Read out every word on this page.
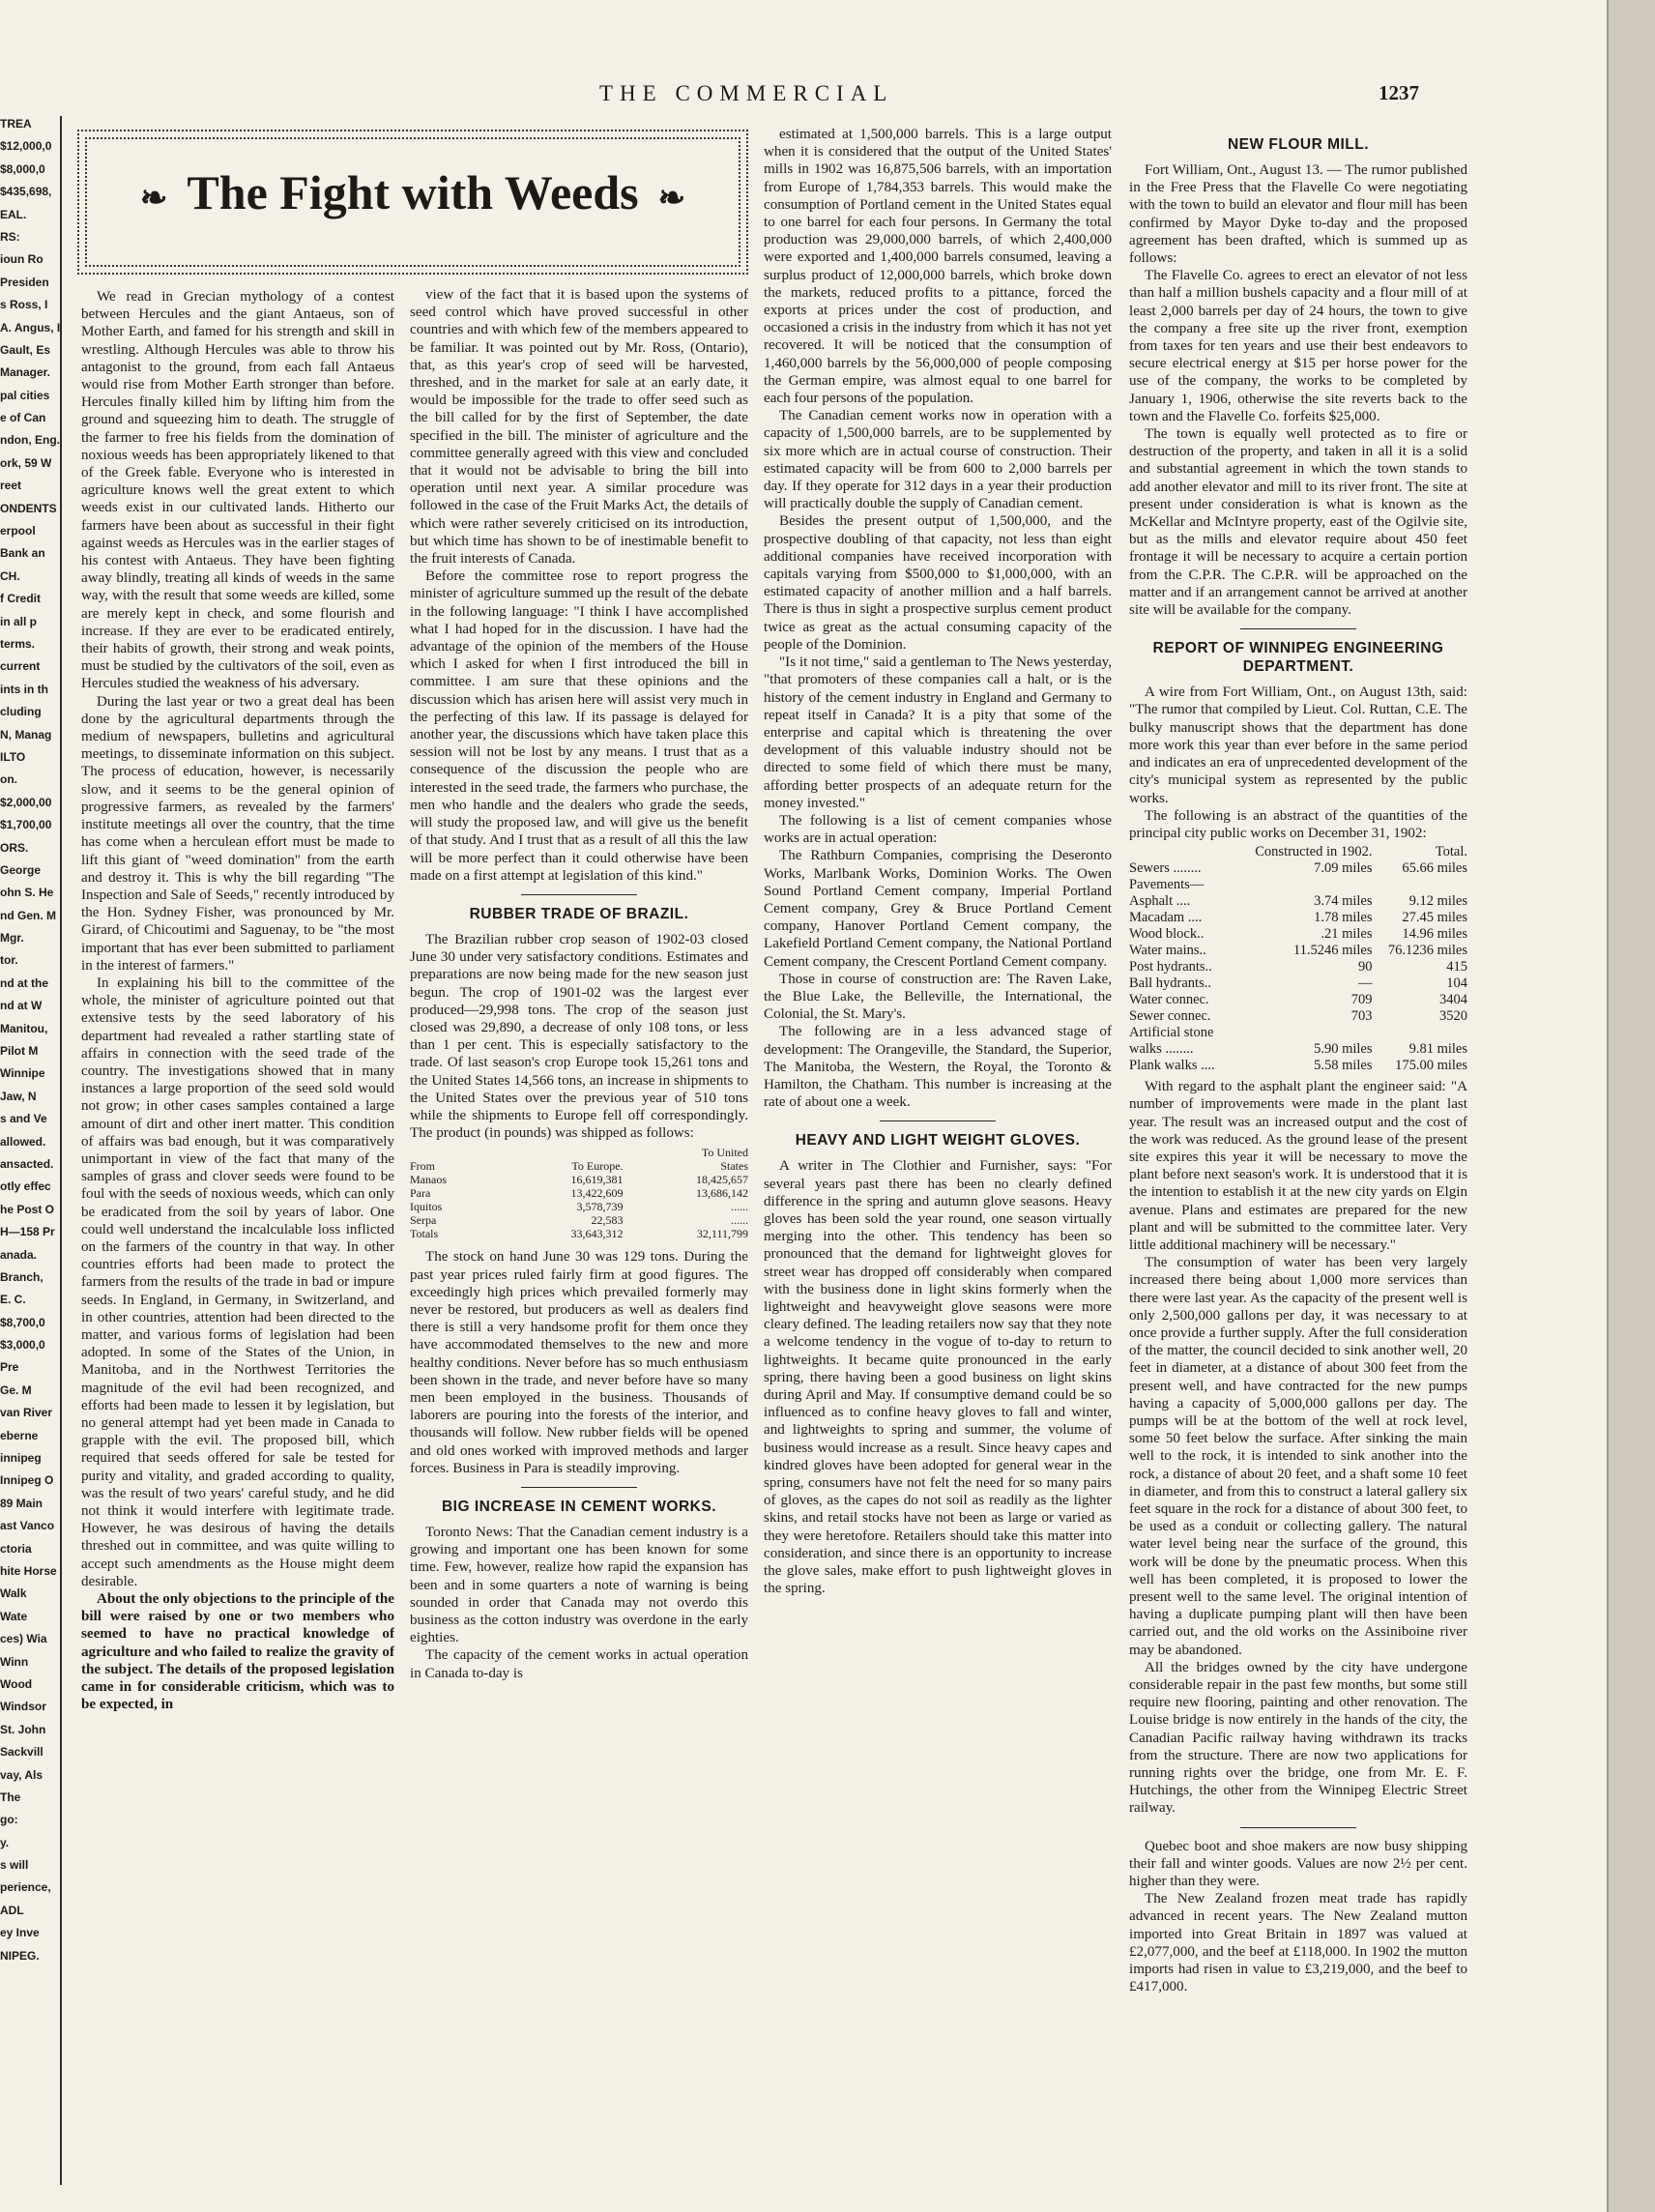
TREA
$12,000,0
$8,000,0
$435,698,
EAL.
RS:
ioun Ro
Presiden
s Ross, I
A. Angus, I
Gault, Es
Manager.
pal cities
e of Can
ndon, Eng.
ork, 59 W
reet
ONDENTS
erpool
Bank an
CH.
f Credit
in all p
terms.
current
ints in th
cluding
N, Manag
ILTO
on.
$2,000,00
$1,700,00
ORS.
George
ohn S. He
nd Gen. M
Mgr.
tor.
nd at the
nd at W
Manitou,
Pilot M
Winnipe
Jaw, N
s and Ve
allowed.
ansacted.
otly effec
he Post O
H—158 Pr
anada.
Branch,
E. C.
$8,700,0
$3,000,0
Pre
Ge. M
van River
eberne
innipeg
Innipeg O
89 Main
ast Vanco
ctoria
hite Horse
Walk
Wate
ces) Wia
Winn
Wood
Windsor
St. John
Sackvill
vay, Als
The
go:
y.
s will
perience,
ADL
ey Inve
NIPEG.
THE COMMERCIAL	1237
❧ The Fight with Weeds ❧

We read in Grecian mythology of a contest between Hercules and the giant Antaeus, son of Mother Earth, and famed for his strength and skill in wrestling. Although Hercules was able to throw his antagonist to the ground, from each fall Antaeus would rise from Mother Earth stronger than before. Hercules finally killed him by lifting him from the ground and squeezing him to death. The struggle of the farmer to free his fields from the domination of noxious weeds has been appropriately likened to that of the Greek fable. Everyone who is interested in agriculture knows well the great extent to which weeds exist in our cultivated lands. Hitherto our farmers have been about as successful in their fight against weeds as Hercules was in the earlier stages of his contest with Antaeus. They have been fighting away blindly, treating all kinds of weeds in the same way, with the result that some weeds are killed, some are merely kept in check, and some flourish and increase. If they are ever to be eradicated entirely, their habits of growth, their strong and weak points, must be studied by the cultivators of the soil, even as Hercules studied the weakness of his adversary.

During the last year or two a great deal has been done by the agricultural departments through the medium of newspapers, bulletins and agricultural meetings, to disseminate information on this subject. The process of education, however, is necessarily slow, and it seems to be the general opinion of progressive farmers, as revealed by the farmers' institute meetings all over the country, that the time has come when a herculean effort must be made to lift this giant of "weed domination" from the earth and destroy it. This is why the bill regarding "The Inspection and Sale of Seeds," recently introduced by the Hon. Sydney Fisher, was pronounced by Mr. Girard, of Chicoutimi and Saguenay, to be "the most important that has ever been submitted to parliament in the interest of farmers."

In explaining his bill to the committee of the whole, the minister of agriculture pointed out that extensive tests by the seed laboratory of his department had revealed a rather startling state of affairs in connection with the seed trade of the country. The investigations showed that in many instances a large proportion of the seed sold would not grow; in other cases samples contained a large amount of dirt and other inert matter. This condition of affairs was bad enough, but it was comparatively unimportant in view of the fact that many of the samples of grass and clover seeds were found to be foul with the seeds of noxious weeds, which can only be eradicated from the soil by years of labor. One could well understand the incalculable loss inflicted on the farmers of the country in that way. In other countries efforts had been made to protect the farmers from the results of the trade in bad or impure seeds. In England, in Germany, in Switzerland, and in other countries, attention had been directed to the matter, and various forms of legislation had been adopted. In some of the States of the Union, in Manitoba, and in the Northwest Territories the magnitude of the evil had been recognized, and efforts had been made to lessen it by legislation, but no general attempt had yet been made in Canada to grapple with the evil. The proposed bill, which required that seeds offered for sale be tested for purity and vitality, and graded according to quality, was the result of two years' careful study, and he did not think it would interfere with legitimate trade. However, he was desirous of having the details threshed out in committee, and was quite willing to accept such amendments as the House might deem desirable.

About the only objections to the principle of the bill were raised by one or two members who seemed to have no practical knowledge of agriculture and who failed to realize the gravity of the subject. The details of the proposed legislation came in for considerable criticism, which was to be expected, in

view of the fact that it is based upon the systems of seed control which have proved successful in other countries and with which few of the members appeared to be familiar. It was pointed out by Mr. Ross, (Ontario), that, as this year's crop of seed will be harvested, threshed, and in the market for sale at an early date, it would be impossible for the trade to offer seed such as the bill called for by the first of September, the date specified in the bill. The minister of agriculture and the committee generally agreed with this view and concluded that it would not be advisable to bring the bill into operation until next year. A similar procedure was followed in the case of the Fruit Marks Act, the details of which were rather severely criticised on its introduction, but which time has shown to be of inestimable benefit to the fruit interests of Canada.

Before the committee rose to report progress the minister of agriculture summed up the result of the debate in the following language: "I think I have accomplished what I had hoped for in the discussion. I have had the advantage of the opinion of the members of the House which I asked for when I first introduced the bill in committee. I am sure that these opinions and the discussion which has arisen here will assist very much in the perfecting of this law. If its passage is delayed for another year, the discussions which have taken place this session will not be lost by any means. I trust that as a consequence of the discussion the people who are interested in the seed trade, the farmers who purchase, the men who handle and the dealers who grade the seeds, will study the proposed law, and will give us the benefit of that study. And I trust that as a result of all this the law will be more perfect than it could otherwise have been made on a first attempt at legislation of this kind."

RUBBER TRADE OF BRAZIL.

The Brazilian rubber crop season of 1902-03 closed June 30 under very satisfactory conditions. Estimates and preparations are now being made for the new season just begun. The crop of 1901-02 was the largest ever produced—29,998 tons. The crop of the season just closed was 29,890, a decrease of only 108 tons, or less than 1 per cent. This is especially satisfactory to the trade. Of last season's crop Europe took 15,261 tons and the United States 14,566 tons, an increase in shipments to the United States over the previous year of 510 tons while the shipments to Europe fell off correspondingly. The product (in pounds) was shipped as follows:

		To United
From	To Europe.	States
Manaos	16,619,381	18,425,657
Para	13,422,609	13,686,142
Iquitos	3,578,739	......
Serpa	22,583	......
Totals	33,643,312	32,111,799

The stock on hand June 30 was 129 tons. During the past year prices ruled fairly firm at good figures. The exceedingly high prices which prevailed formerly may never be restored, but producers as well as dealers find there is still a very handsome profit for them once they have accommodated themselves to the new and more healthy conditions. Never before has so much enthusiasm been shown in the trade, and never before have so many men been employed in the business. Thousands of laborers are pouring into the forests of the interior, and thousands will follow. New rubber fields will be opened and old ones worked with improved methods and larger forces. Business in Para is steadily improving.

BIG INCREASE IN CEMENT WORKS.

Toronto News: That the Canadian cement industry is a growing and important one has been known for some time. Few, however, realize how rapid the expansion has been and in some quarters a note of warning is being sounded in order that Canada may not overdo this business as the cotton industry was overdone in the early eighties.

The capacity of the cement works in actual operation in Canada to-day is

estimated at 1,500,000 barrels. This is a large output when it is considered that the output of the United States' mills in 1902 was 16,875,506 barrels, with an importation from Europe of 1,784,353 barrels. This would make the consumption of Portland cement in the United States equal to one barrel for each four persons. In Germany the total production was 29,000,000 barrels, of which 2,400,000 were exported and 1,400,000 barrels consumed, leaving a surplus product of 12,000,000 barrels, which broke down the markets, reduced profits to a pittance, forced the exports at prices under the cost of production, and occasioned a crisis in the industry from which it has not yet recovered. It will be noticed that the consumption of 1,460,000 barrels by the 56,000,000 of people composing the German empire, was almost equal to one barrel for each four persons of the population.

The Canadian cement works now in operation with a capacity of 1,500,000 barrels, are to be supplemented by six more which are in actual course of construction. Their estimated capacity will be from 600 to 2,000 barrels per day. If they operate for 312 days in a year their production will practically double the supply of Canadian cement.

Besides the present output of 1,500,000, and the prospective doubling of that capacity, not less than eight additional companies have received incorporation with capitals varying from $500,000 to $1,000,000, with an estimated capacity of another million and a half barrels. There is thus in sight a prospective surplus cement product twice as great as the actual consuming capacity of the people of the Dominion.

"Is it not time," said a gentleman to The News yesterday, "that promoters of these companies call a halt, or is the history of the cement industry in England and Germany to repeat itself in Canada? It is a pity that some of the enterprise and capital which is threatening the over development of this valuable industry should not be directed to some field of which there must be many, affording better prospects of an adequate return for the money invested."

The following is a list of cement companies whose works are in actual operation:

The Rathburn Companies, comprising the Deseronto Works, Marlbank Works, Dominion Works. The Owen Sound Portland Cement company, Imperial Portland Cement company, Grey & Bruce Portland Cement company, Hanover Portland Cement company, the Lakefield Portland Cement company, the National Portland Cement company, the Crescent Portland Cement company.

Those in course of construction are: The Raven Lake, the Blue Lake, the Belleville, the International, the Colonial, the St. Mary's.

The following are in a less advanced stage of development: The Orangeville, the Standard, the Superior, The Manitoba, the Western, the Royal, the Toronto & Hamilton, the Chatham. This number is increasing at the rate of about one a week.

HEAVY AND LIGHT WEIGHT GLOVES.

A writer in The Clothier and Furnisher, says: "For several years past there has been no clearly defined difference in the spring and autumn glove seasons. Heavy gloves has been sold the year round, one season virtually merging into the other. This tendency has been so pronounced that the demand for lightweight gloves for street wear has dropped off considerably when compared with the business done in light skins formerly when the lightweight and heavyweight glove seasons were more cleary defined. The leading retailers now say that they note a welcome tendency in the vogue of to-day to return to lightweights. It became quite pronounced in the early spring, there having been a good business on light skins during April and May. If consumptive demand could be so influenced as to confine heavy gloves to fall and winter, and lightweights to spring and summer, the volume of business would increase as a result. Since heavy capes and kindred gloves have been adopted for general wear in the spring, consumers have not felt the need for so many pairs of gloves, as the capes do not soil as readily as the lighter skins, and retail stocks have not been as large or varied as they were heretofore. Retailers should take this matter into consideration, and since there is an opportunity to increase the glove sales, make effort to push lightweight gloves in the spring.

NEW FLOUR MILL.

Fort William, Ont., August 13. — The rumor published in the Free Press that the Flavelle Co were negotiating with the town to build an elevator and flour mill has been confirmed by Mayor Dyke to-day and the proposed agreement has been drafted, which is summed up as follows:

The Flavelle Co. agrees to erect an elevator of not less than half a million bushels capacity and a flour mill of at least 2,000 barrels per day of 24 hours, the town to give the company a free site up the river front, exemption from taxes for ten years and use their best endeavors to secure electrical energy at $15 per horse power for the use of the company, the works to be completed by January 1, 1906, otherwise the site reverts back to the town and the Flavelle Co. forfeits $25,000.

The town is equally well protected as to fire or destruction of the property, and taken in all it is a solid and substantial agreement in which the town stands to add another elevator and mill to its river front. The site at present under consideration is what is known as the McKellar and McIntyre property, east of the Ogilvie site, but as the mills and elevator require about 450 feet frontage it will be necessary to acquire a certain portion from the C.P.R. The C.P.R. will be approached on the matter and if an arrangement cannot be arrived at another site will be available for the company.

REPORT OF WINNIPEG ENGINEERING DEPARTMENT.

A wire from Fort William, Ont., on August 13th, said: "The rumor that compiled by Lieut. Col. Ruttan, C.E. The bulky manuscript shows that the department has done more work this year than ever before in the same period and indicates an era of unprecedented development of the city's municipal system as represented by the public works.

The following is an abstract of the quantities of the principal city public works on December 31, 1902:

	Constructed in 1902.	Total.
Sewers ........	7.09 miles	65.66 miles
Pavements—		
Asphalt ....	3.74 miles	9.12 miles
Macadam ....	1.78 miles	27.45 miles
Wood block..	.21 miles	14.96 miles
Water mains..	11.5246 miles	76.1236 miles
Post hydrants..	90	415
Ball hydrants..	—	104
Water connec.	709	3404
Sewer connec.	703	3520
Artificial stone		
walks ........	5.90 miles	9.81 miles
Plank walks ....	5.58 miles	175.00 miles

With regard to the asphalt plant the engineer said: "A number of improvements were made in the plant last year. The result was an increased output and the cost of the work was reduced. As the ground lease of the present site expires this year it will be necessary to move the plant before next season's work. It is understood that it is the intention to establish it at the new city yards on Elgin avenue. Plans and estimates are prepared for the new plant and will be submitted to the committee later. Very little additional machinery will be necessary."

The consumption of water has been very largely increased there being about 1,000 more services than there were last year. As the capacity of the present well is only 2,500,000 gallons per day, it was necessary to at once provide a further supply. After the full consideration of the matter, the council decided to sink another well, 20 feet in diameter, at a distance of about 300 feet from the present well, and have contracted for the new pumps having a capacity of 5,000,000 gallons per day. The pumps will be at the bottom of the well at rock level, some 50 feet below the surface. After sinking the main well to the rock, it is intended to sink another into the rock, a distance of about 20 feet, and a shaft some 10 feet in diameter, and from this to construct a lateral gallery six feet square in the rock for a distance of about 300 feet, to be used as a conduit or collecting gallery. The natural water level being near the surface of the ground, this work will be done by the pneumatic process. When this well has been completed, it is proposed to lower the present well to the same level. The original intention of having a duplicate pumping plant will then have been carried out, and the old works on the Assiniboine river may be abandoned.

All the bridges owned by the city have undergone considerable repair in the past few months, but some still require new flooring, painting and other renovation. The Louise bridge is now entirely in the hands of the city, the Canadian Pacific railway having withdrawn its tracks from the structure. There are now two applications for running rights over the bridge, one from Mr. E. F. Hutchings, the other from the Winnipeg Electric Street railway.

Quebec boot and shoe makers are now busy shipping their fall and winter goods. Values are now 2½ per cent. higher than they were.

The New Zealand frozen meat trade has rapidly advanced in recent years. The New Zealand mutton imported into Great Britain in 1897 was valued at £2,077,000, and the beef at £118,000. In 1902 the mutton imports had risen in value to £3,219,000, and the beef to £417,000.
